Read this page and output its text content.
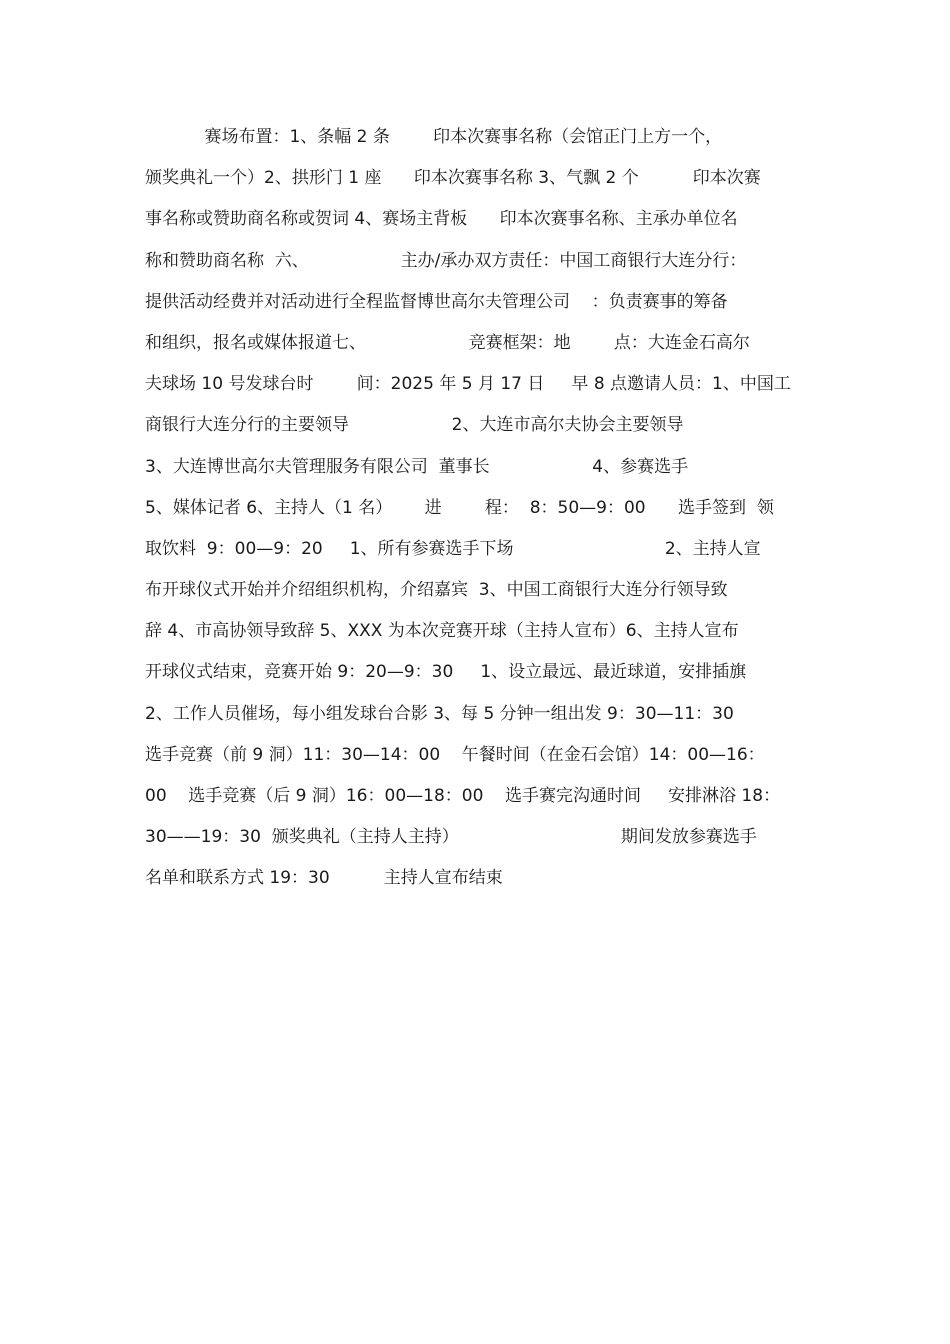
赛场布置：1、条幅 2 条        印本次赛事名称（会馆正门上方一个，
颁奖典礼一个）2、拱形门 1 座      印本次赛事名称 3、气飘 2 个          印本次赛
事名称或赞助商名称或贺词 4、赛场主背板      印本次赛事名称、主承办单位名
称和赞助商名称  六、                 主办/承办双方责任：中国工商银行大连分行：
提供活动经费并对活动进行全程监督博世高尔夫管理公司    ：负责赛事的筹备
和组织，报名或媒体报道七、                   竞赛框架：地        点：大连金石高尔
夫球场 10 号发球台时        间：2025 年 5 月 17 日     早 8 点邀请人员：1、中国工
商银行大连分行的主要领导                   2、大连市高尔夫协会主要领导
3、大连博世高尔夫管理服务有限公司  董事长                   4、参赛选手
5、媒体记者 6、主持人（1 名）      进        程：  8：50—9：00      选手签到  领
取饮料  9：00—9：20     1、所有参赛选手下场                            2、主持人宣
布开球仪式开始并介绍组织机构，介绍嘉宾  3、中国工商银行大连分行领导致
辞 4、市高协领导致辞 5、XXX 为本次竞赛开球（主持人宣布）6、主持人宣布
开球仪式结束，竞赛开始 9：20—9：30     1、设立最远、最近球道，安排插旗
2、工作人员催场，每小组发球台合影 3、每 5 分钟一组出发 9：30—11：30
选手竞赛（前 9 洞）11：30—14：00    午餐时间（在金石会馆）14：00—16：
00    选手竞赛（后 9 洞）16：00—18：00    选手赛完沟通时间     安排淋浴 18：
30——19：30  颁奖典礼（主持人主持）                              期间发放参赛选手
名单和联系方式 19：30          主持人宣布结束
